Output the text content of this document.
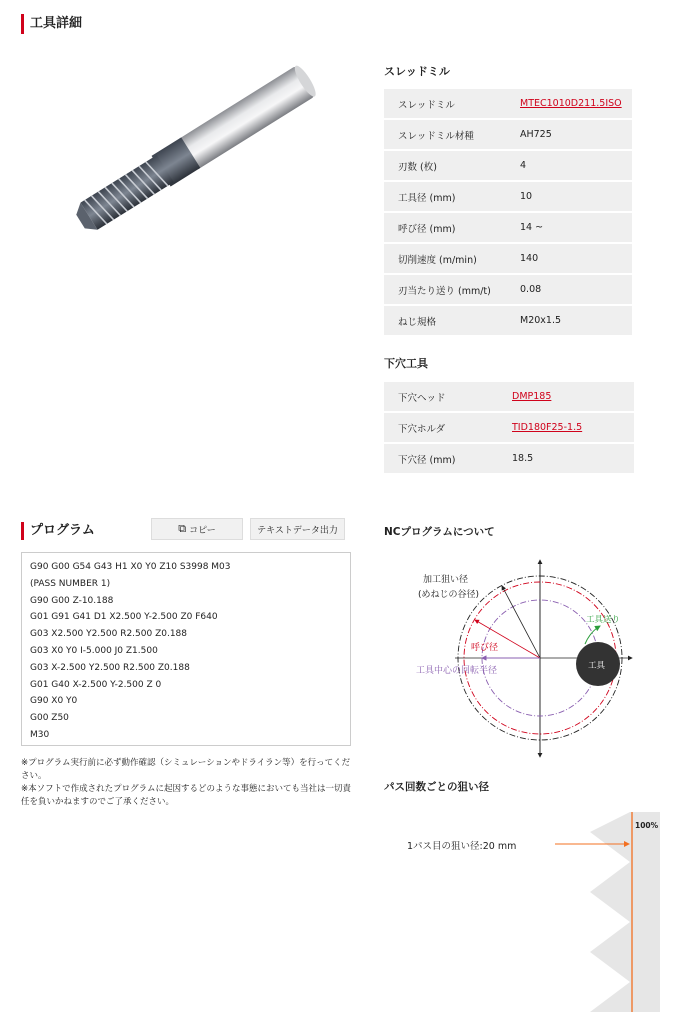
工具詳細
スレッドミル
スレッドミル	MTEC1010D211.5ISO
スレッドミル材種	AH725
刃数 (枚)	4
工具径 (mm)	10
呼び径 (mm)	14 ~
切削速度 (m/min)	140
刃当たり送り (mm/t)	0.08
ねじ規格	M20x1.5
下穴工具
下穴ヘッド	DMP185
下穴ホルダ	TID180F25-1.5
下穴径 (mm)	18.5
プログラム	⧉ コピー	テキストデータ出力
G90 G00 G54 G43 H1 X0 Y0 Z10 S3998 M03
(PASS NUMBER 1)
G90 G00 Z-10.188
G01 G91 G41 D1 X2.500 Y-2.500 Z0 F640
G03 X2.500 Y2.500 R2.500 Z0.188
G03 X0 Y0 I-5.000 J0 Z1.500
G03 X-2.500 Y2.500 R2.500 Z0.188
G01 G40 X-2.500 Y-2.500 Z 0
G90 X0 Y0
G00 Z50
M30
※プログラム実行前に必ず動作確認（シミュレーションやドライラン等）を行ってください。
※本ソフトで作成されたプログラムに起因するどのような事態においても当社は一切責任を負いかねますのでご了承ください。
NCプログラムについて
加工狙い径
(めねじの谷径)
工具送り
呼び径
工具中心の回転半径	工具
パス回数ごとの狙い径
1パス目の狙い径:20 mm
100%
